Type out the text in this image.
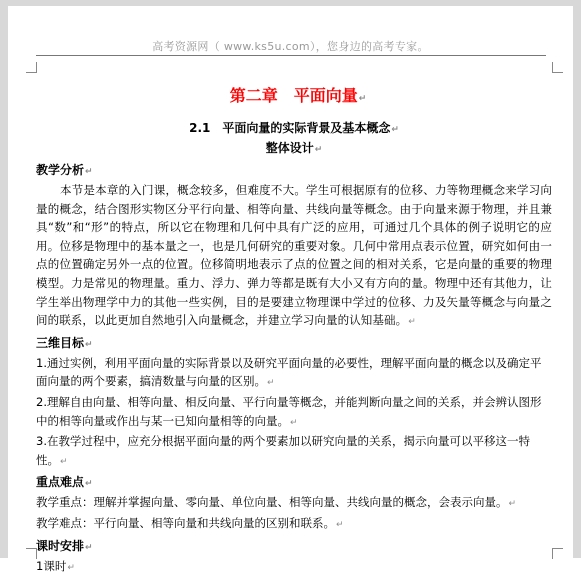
高考资源网（ www.ks5u.com），您身边的高考专家。
第二章　平面向量↵
2.1　平面向量的实际背景及基本概念↵
整体设计↵
教学分析↵
本节是本章的入门课，概念较多，但难度不大。学生可根据原有的位移、力等物理概念来学习向量的概念，结合图形实物区分平行向量、相等向量、共线向量等概念。由于向量来源于物理，并且兼具“数”和“形”的特点，所以它在物理和几何中具有广泛的应用，可通过几个具体的例子说明它的应用。位移是物理中的基本量之一，也是几何研究的重要对象。几何中常用点表示位置，研究如何由一点的位置确定另外一点的位置。位移简明地表示了点的位置之间的相对关系，它是向量的重要的物理模型。力是常见的物理量。重力、浮力、弹力等都是既有大小又有方向的量。物理中还有其他力，让学生举出物理学中力的其他一些实例，目的是要建立物理课中学过的位移、力及矢量等概念与向量之间的联系，以此更加自然地引入向量概念，并建立学习向量的认知基础。↵
三维目标↵
1.通过实例，利用平面向量的实际背景以及研究平面向量的必要性，理解平面向量的概念以及确定平面向量的两个要素，搞清数量与向量的区别。↵
2.理解自由向量、相等向量、相反向量、平行向量等概念，并能判断向量之间的关系，并会辨认图形中的相等向量或作出与某一已知向量相等的向量。↵
3.在教学过程中，应充分根据平面向量的两个要素加以研究向量的关系，揭示向量可以平移这一特性。↵
重点难点↵
教学重点：理解并掌握向量、零向量、单位向量、相等向量、共线向量的概念，会表示向量。↵
教学难点：平行向量、相等向量和共线向量的区别和联系。↵
课时安排↵
1课时↵
